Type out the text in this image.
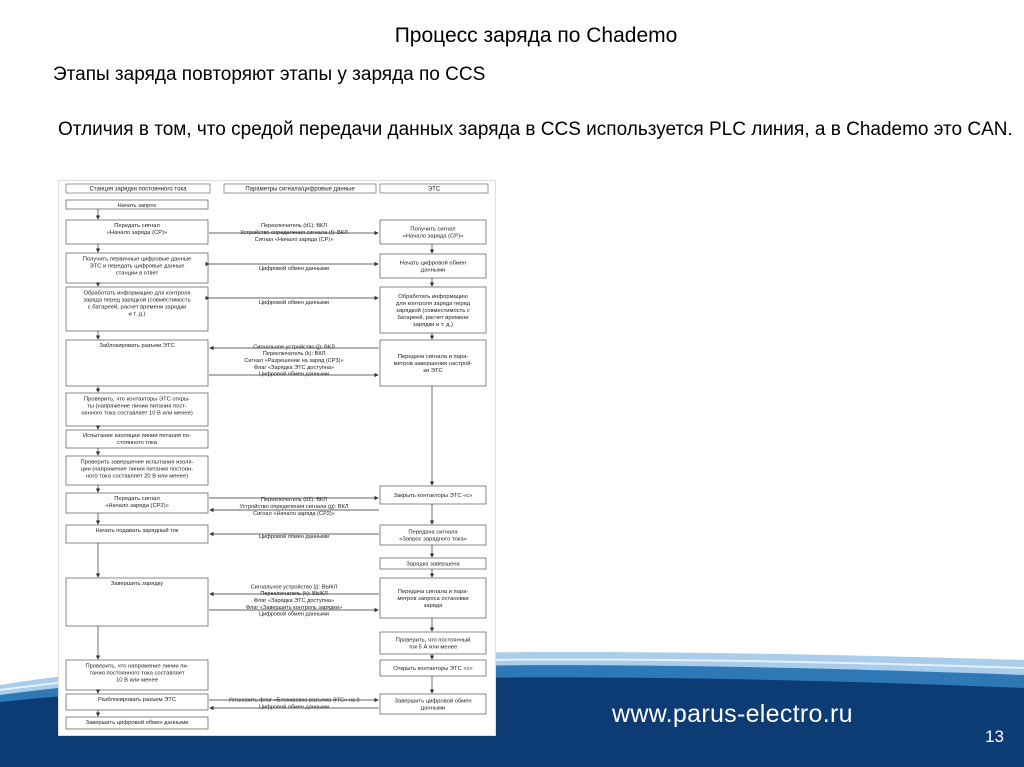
Процесс заряда по Chademo
Этапы заряда повторяют этапы у заряда по CCS
Отличия в том, что средой передачи данных заряда в CCS используется PLC линия, а в Chademo это CAN.
www.parus-electro.ru
13
Станция зарядки постоянного тока	Параметры сигнала/цифровые данные	ЭТС
Начать запрос
Передать сигнал
«Начало заряда (CP)»
Получить первичные цифровые данные
ЭТС и передать цифровые данные
станции в ответ
Обработать информацию для контроля
заряда перед зарядкой (совместимость
с батареей, расчет времени зарядки
и т. д.)
Заблокировать разъем ЭТС
Проверить, что контакторы ЭТС откры-
ты (напряжение линии питания пост-
оянного тока составляет 10 В или менее)
Испытание изоляции линии питания по-
стоянного тока
Проверить завершение испытания изоля-
ции (напряжение линии питания постоян-
ного тока составляет 20 В или менее)
Передать сигнал
«Начало заряда (CP2)»
Начать подавать зарядный ток
Завершить зарядку
Проверить, что напряжение линии пи-
тания постоянного тока составляет
10 В или менее
Разблокировать разъем ЭТС
Завершить цифровой обмен данными
Получить сигнал
«Начало заряда (CP)»
Начать цифровой обмен
данными
Обработать информацию
для контроля заряда перед
зарядкой (совместимость с
батареей, расчет времени
зарядки и т. д.)
Передача сигнала и пара-
метров завершения настрой-
ки ЭТС
Закрыть контакторы ЭТС «c»
Передача сигнала
«Запрос зарядного тока»
Зарядка завершена
Передача сигнала и пара-
метров запроса остановки
заряда
Проверить, что постоянный
ток 5 А или менее
Открыть контакторы ЭТС «c»
Завершить цифровой обмен
данными
Переключатель (d1): ВКЛ
Устройство определения сигнала (f): ВКЛ
Сигнал «Начало заряда (CP)»
Цифровой обмен данными
Цифровой обмен данными
Сигнальное устройство (j): ВКЛ
Переключатель (k): ВКЛ
Сигнал «Разрешение на заряд (CP3)»
Флаг «Зарядка ЭТС доступна»
Цифровой обмен данными
Переключатель (d2): ВКЛ
Устройство определения сигнала (g): ВКЛ
Сигнал «Начало заряда (CP2)»
Цифровой обмен данными
Сигнальное устройство (j): ВЫКЛ
Переключатель (k): ВЫКЛ
Флаг «Зарядка ЭТС доступна»
Флаг «Завершить контроль зарядки»
Цифровой обмен данными
Установить флаг «Блокировка разъема ЭТС» на 0
Цифровой обмен данными
